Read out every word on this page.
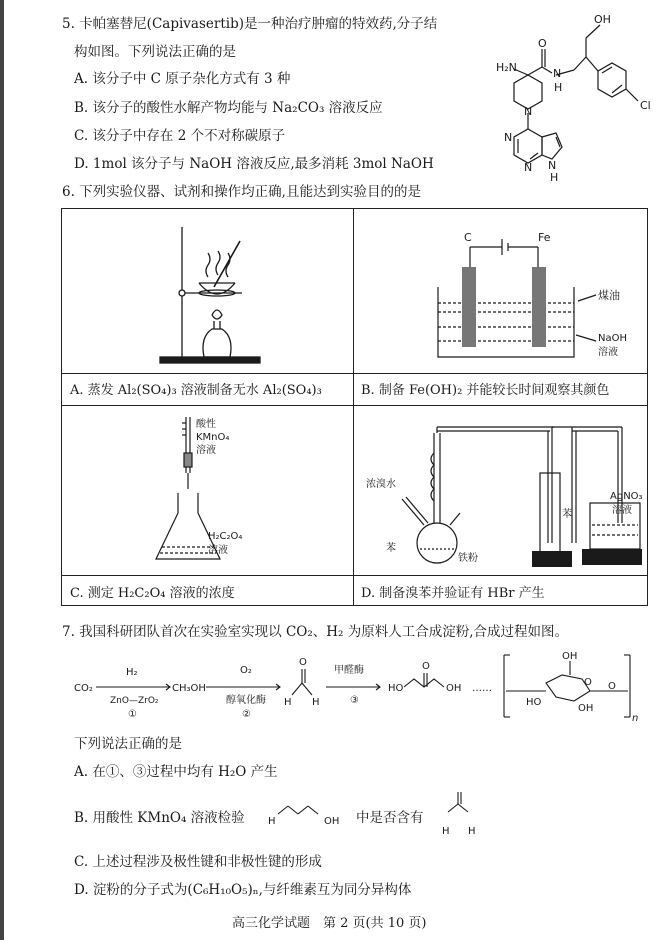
5. 卡帕塞替尼(Capivasertib)是一种治疗肿瘤的特效药,分子结
构如图。下列说法正确的是
A. 该分子中 C 原子杂化方式有 3 种
B. 该分子的酸性水解产物均能与 Na₂CO₃ 溶液反应
C. 该分子中存在 2 个不对称碳原子
D. 1mol 该分子与 NaOH 溶液反应,最多消耗 3mol NaOH
OH
O
H₂N	N
H
N	Cl
N
N N
H
6. 下列实验仪器、试剂和操作均正确,且能达到实验目的的是
A. 蒸发 Al₂(SO₄)₃ 溶液制备无水 Al₂(SO₄)₃
C	Fe
煤油
NaOH
溶液
B. 制备 Fe(OH)₂ 并能较长时间观察其颜色
酸性
KMnO₄
溶液
H₂C₂O₄
溶液
C. 测定 H₂C₂O₄ 溶液的浓度
浓溴水
苯
铁粉
苯
AgNO₃
溶液
D. 制备溴苯并验证有 HBr 产生
7. 我国科研团队首次在实验室实现以 CO₂、H₂ 为原料人工合成淀粉,合成过程如图。
CO₂
H₂
ZnO—ZrO₂
①
CH₃OH
O₂
醇氧化酶
②
O
H H
甲醛酶
③
HO
O
OH ……
OH
HO
OH
O O
n
下列说法正确的是
A. 在①、③过程中均有 H₂O 产生
B. 用酸性 KMnO₄ 溶液检验 H	OH
H H
中是否含有
C. 上述过程涉及极性键和非极性键的形成
D. 淀粉的分子式为(C₆H₁₀O₅)ₙ,与纤维素互为同分异构体
高三化学试题　第 2 页(共 10 页)
